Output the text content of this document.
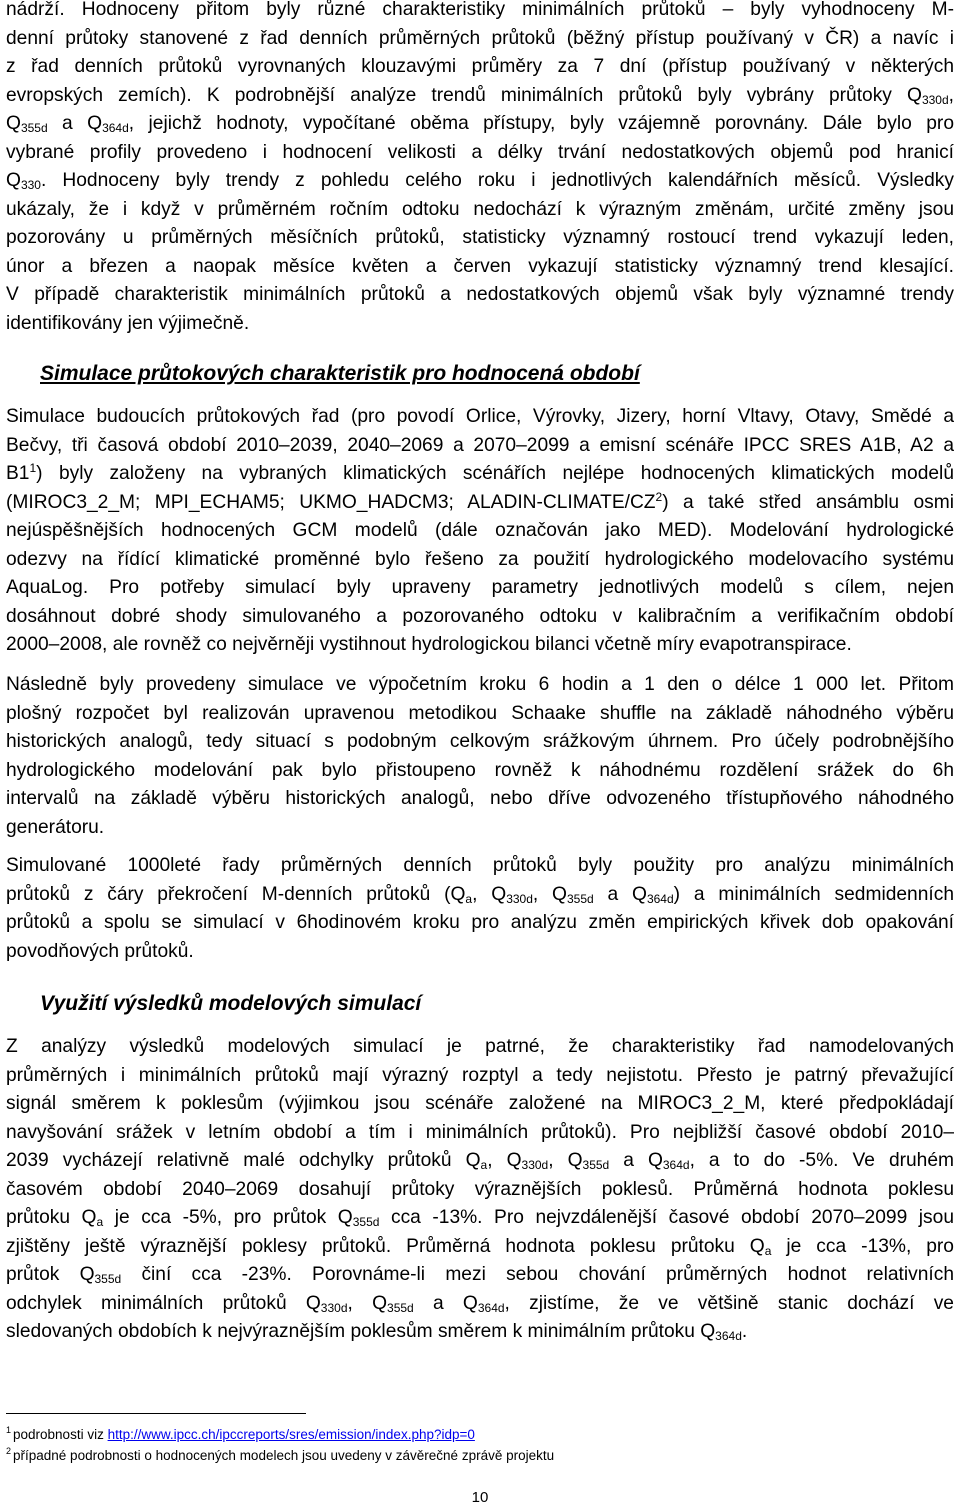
nádrží. Hodnoceny přitom byly různé charakteristiky minimálních průtoků – byly vyhodnoceny M-
denní průtoky stanovené z řad denních průměrných průtoků (běžný přístup používaný v ČR) a navíc i
z řad denních průtoků vyrovnaných klouzavými průměry za 7 dní (přístup používaný v některých
evropských zemích). K podrobnější analýze trendů minimálních průtoků byly vybrány průtoky $Q_{330d}$,
$Q_{355d}$ a $Q_{364d}$, jejichž hodnoty, vypočítané oběma přístupy, byly vzájemně porovnány. Dále bylo pro
vybrané profily provedeno i hodnocení velikosti a délky trvání nedostatkových objemů pod hranicí
$Q_{330}$. Hodnoceny byly trendy z pohledu celého roku i jednotlivých kalendářních měsíců. Výsledky
ukázaly, že i když v průměrném ročním odtoku nedochází k výrazným změnám, určité změny jsou
pozorovány u průměrných měsíčních průtoků, statisticky významný rostoucí trend vykazují leden,
únor a březen a naopak měsíce květen a červen vykazují statisticky významný trend klesající.
V případě charakteristik minimálních průtoků a nedostatkových objemů však byly významné trendy
identifikovány jen výjimečně.
Simulace průtokových charakteristik pro hodnocená období
Simulace budoucích průtokových řad (pro povodí Orlice, Výrovky, Jizery, horní Vltavy, Otavy, Smědé a
Bečvy, tři časová období 2010–2039, 2040–2069 a 2070–2099 a emisní scénáře IPCC SRES A1B, A2 a
$B1^1$) byly založeny na vybraných klimatických scénářích nejlépe hodnocených klimatických modelů
(MIROC3_2_M; MPI_ECHAM5; UKMO_HADCM3; ALADIN-$CLIMATE/CZ^2$) a také střed ansámblu osmi
nejúspěšnějších hodnocených GCM modelů (dále označován jako MED). Modelování hydrologické
odezvy na řídící klimatické proměnné bylo řešeno za použití hydrologického modelovacího systému
AquaLog. Pro potřeby simulací byly upraveny parametry jednotlivých modelů s cílem, nejen
dosáhnout dobré shody simulovaného a pozorovaného odtoku v kalibračním a verifikačním období
2000–2008, ale rovněž co nejvěrněji vystihnout hydrologickou bilanci včetně míry evapotranspirace.
Následně byly provedeny simulace ve výpočetním kroku 6 hodin a 1 den o délce 1 000 let. Přitom
plošný rozpočet byl realizován upravenou metodikou Schaake shuffle na základě náhodného výběru
historických analogů, tedy situací s podobným celkovým srážkovým úhrnem. Pro účely podrobnějšího
hydrologického modelování pak bylo přistoupeno rovněž k náhodnému rozdělení srážek do 6h
intervalů na základě výběru historických analogů, nebo dříve odvozeného třístupňového náhodného
generátoru.
Simulované 1000leté řady průměrných denních průtoků byly použity pro analýzu minimálních
průtoků z čáry překročení M-denních průtoků ($Q_a$, $Q_{330d}$, $Q_{355d}$ a $Q_{364d}$) a minimálních sedmidenních
průtoků a spolu se simulací v 6hodinovém kroku pro analýzu změn empirických křivek dob opakování
povodňových průtoků.
Využití výsledků modelových simulací
Z analýzy výsledků modelových simulací je patrné, že charakteristiky řad namodelovaných
průměrných i minimálních průtoků mají výrazný rozptyl a tedy nejistotu. Přesto je patrný převažující
signál směrem k poklesům (výjimkou jsou scénáře založené na MIROC3_2_M, které předpokládají
navyšování srážek v letním období a tím i minimálních průtoků). Pro nejbližší časové období 2010–
2039 vycházejí relativně malé odchylky průtoků $Q_a$, $Q_{330d}$, $Q_{355d}$ a $Q_{364d}$, a to do -5%. Ve druhém
časovém období 2040–2069 dosahují průtoky výraznějších poklesů. Průměrná hodnota poklesu
průtoku $Q_a$ je cca -5%, pro průtok $Q_{355d}$ cca -13%. Pro nejvzdálenější časové období 2070–2099 jsou
zjištěny ještě výraznější poklesy průtoků. Průměrná hodnota poklesu průtoku $Q_a$ je cca -13%, pro
průtok $Q_{355d}$ činí cca -23%. Porovnáme-li mezi sebou chování průměrných hodnot relativních
odchylek minimálních průtoků $Q_{330d}$, $Q_{355d}$ a $Q_{364d}$, zjistíme, že ve většině stanic dochází ve
sledovaných obdobích k nejvýraznějším poklesům směrem k minimálním průtoku $Q_{364d}$.
$^1$ podrobnosti viz http://www.ipcc.ch/ipccreports/sres/emission/index.php?idp=0
$^2$ případné podrobnosti o hodnocených modelech jsou uvedeny v závěrečné zprávě projektu
10
